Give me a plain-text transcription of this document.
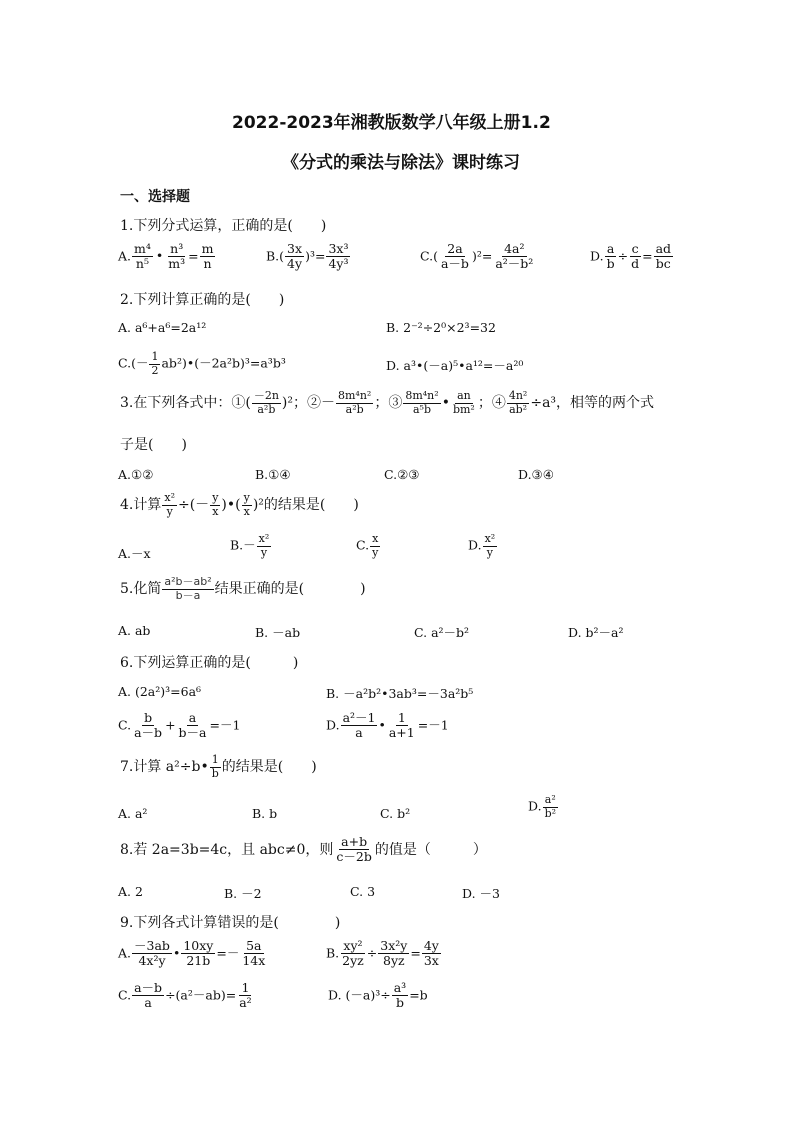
2022-2023年湘教版数学八年级上册1.2
《分式的乘法与除法》课时练习
一、选择题
1.下列分式运算，正确的是(　　)
A. $\frac{\text{m⁴}}{\text{n⁵}}$ • $\frac{\text{n³}}{\text{m³}} = \frac{m}{n}$	$B.( \frac{3x}{4y} )^3= \frac{\text{3x³}}{\text{4y³}}$	$C.( \frac{2a}{a-b} )^2= \frac{\text{4a²}}{\text{a²－b²}}$	D. $\frac{a}{b} \div \frac{c}{d} = \frac{ad}{bc}$
2.下列计算正确的是(　　)
A. a⁶+a⁶=2a¹²	B. 2⁻²÷2⁰×2³=32
$C.(- \frac{1}{2}$ ab²)•(－2a²b)³=a³b³	D. a³•(－a)⁵•a¹²=－a²⁰
3.在下列各式中：①( $\frac{-2n}{\text{a²b}} )^2$；②－ $\frac{\text{8m⁴n²}}{\text{a²b}}$ ；③ $\frac{\text{8m⁴n²}}{\text{a⁵b}}$ • $\frac{an}{\text{bm²}}$ ；④ $\frac{\text{4n²}}{\text{ab²}} \div a^3$，相等的两个式
子是(　　)
A.①②	B.①④	C.②③	D.③④
4.计算 $\frac{\text{x²}}{y}$ ÷(－ $\frac{y}{x}$ )•( $\frac{y}{x} )^2$的结果是(　　)
A.－x
$B.- \frac{\text{x²}}{y}$	C. $\frac{x}{y}$	D. $\frac{\text{x²}}{y}$
5.化简 $\frac{\text{a²b－ab²}}{b-a}$ 结果正确的是(　　　　)
A. ab	B. －ab	C. a²－b²	D. b²－a²
6.下列运算正确的是(　　　)
A. (2a²)³=6a⁶	B. －a²b²•3ab³=－3a²b⁵
C. $\frac{b}{a-b} + \frac{a}{b-a} =-1$	D. $\frac{\text{a²－1}}{a}$ • $\frac{1}{a+1} =-1$
7.计算 a²÷b• $\frac{1}{b}$ 的结果是(　　)
A. a²	B. b	C. b²	D. $\frac{\text{a²}}{\text{b²}}$
8.若 2a=3b=4c，且 abc≠0，则 $\frac{a+b}{c-2b}$ 的值是（　　　）
A. 2	B. －2	C. 3	D. －3
9.下列各式计算错误的是(　　　　)
A. $\frac{-3ab}{\text{4x²y}}$ • $\frac{10xy}{21b} =- \frac{5a}{14x}$	B. $\frac{\text{xy²}}{2yz} \div \frac{\text{3x²y}}{8yz} = \frac{4y}{3x}$
C. $\frac{a-b}{a} \div(a^2-ab)= \frac{1}{\text{a²}}$	D. $(-a)^3\div \frac{\text{a³}}{b} =b$
